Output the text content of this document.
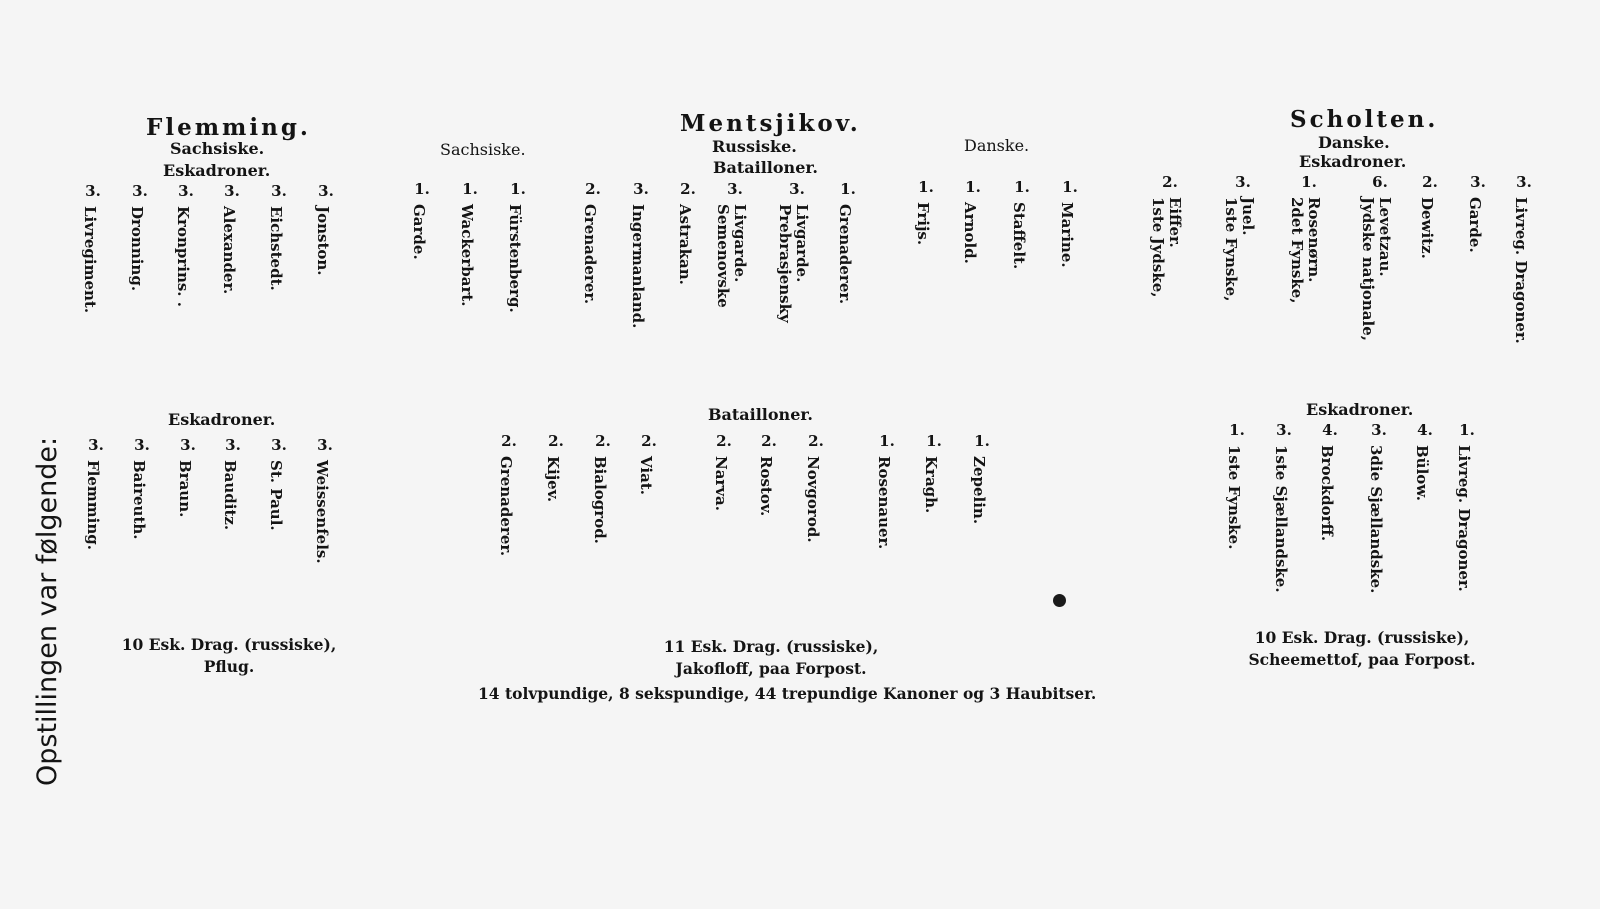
Opstillingen var følgende:
Flemming.
Sachsiske.
Eskadroner.
Eskadroner.
10 Esk. Drag. (russiske),
Pflug.
Mentsjikov.
Sachsiske.	Russiske.
Bataillоner.
Danske.
Bataillоner.
11 Esk. Drag. (russiske),
Jakofloff, paa Forpost.
14 tolvpundige, 8 sekspundige, 44 trepundige Kanoner og 3 Haubitser.
Scholten.
Danske.
Eskadroner.
Eskadroner.
10 Esk. Drag. (russiske),
Scheemettof, paa Forpost.
3.
Livregiment.
3.
Dronning.
3.
Kronprins. .
3.
Alexander.
3.
Eichstedt.
3.
Jonston.
3.
Flemming.
3.
Baireuth.
3.
Braun.
3.
Bauditz.
3.
St. Paul.
3.
Weissenfels.
1.
Garde.
1.
Wackerbart.
1.
Fürstenberg.
2.
Grenaderer.
3.
Ingermanland.
2.
Astrakan.
3.
Semenovske Livgarde.
3.
Prebrasjensky Livgarde.
1.
Grenaderer.
1.
Frijs.
1.
Arnold.
1.
Staffelt.
1.
Marine.
2.
Grenaderer.
2.
Kijev.
2.
Bialogrod.
2.
Viat.
2.
Narva.
2.
Rostov.
2.
Novgorod.
1.
Rosenauer.
1.
Kragh.
1.
Zepelin.
2.
1ste Jydske, Eiffer.
3.
1ste Fynske, Juel.
1.
2det Fynske, Rosenørn.
6.
Jydske natjonale, Levetzau.
2.
Dewitz.
3.
Garde.
3.
Livreg. Dragoner.
1.
1ste Fynske.
3.
1ste Sjællandske.
4.
Brockdorff.
3.
3die Sjællandske.
4.
Bülow.
1.
Livreg. Dragoner.
